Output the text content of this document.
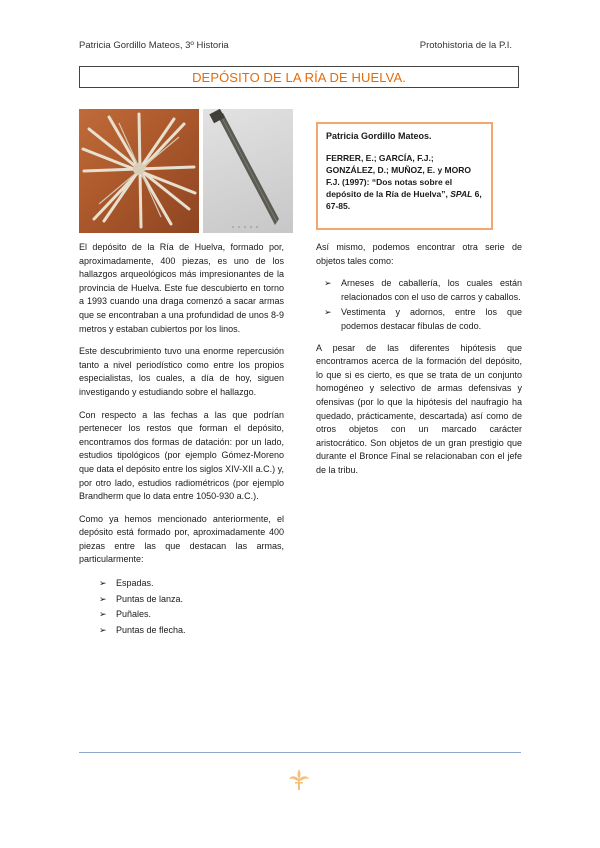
Patricia Gordillo Mateos, 3º Historia	Protohistoria de la P.I.
DEPÓSITO DE LA RÍA DE HUELVA.
Patricia Gordillo Mateos.
FERRER, E.; GARCÍA, F.J.; GONZÁLEZ, D.; MUÑOZ, E. y MORO F.J. (1997): “Dos notas sobre el depósito de la Ría de Huelva”, SPAL 6, 67-85.

El depósito de la Ría de Huelva, formado por, aproximadamente, 400 piezas, es uno de los hallazgos arqueológicos más impresionantes de la provincia de Huelva. Este fue descubierto en torno a 1993 cuando una draga comenzó a sacar armas que se encontraban a una profundidad de unos 8-9 metros y estaban cubiertos por los linos.

Este descubrimiento tuvo una enorme repercusión tanto a nivel periodístico como entre los propios especialistas, los cuales, a día de hoy, siguen investigando y estudiando sobre el hallazgo.

Con respecto a las fechas a las que podrían pertenecer los restos que forman el depósito, encontramos dos formas de datación: por un lado, estudios tipológicos (por ejemplo Gómez-Moreno que data el depósito entre los siglos XIV-XII a.C.) y, por otro lado, estudios radiométricos (por ejemplo Brandherm que lo data entre 1050-930 a.C.).

Como ya hemos mencionado anteriormente, el depósito está formado por, aproximadamente 400 piezas entre las que destacan las armas, particularmente:

➢ Espadas.
➢ Puntas de lanza.
➢ Puñales.
➢ Puntas de flecha.

Así mismo, podemos encontrar otra serie de objetos tales como:

➢ Arneses de caballería, los cuales están relacionados con el uso de carros y caballos.
➢ Vestimenta y adornos, entre los que podemos destacar fíbulas de codo.

A pesar de las diferentes hipótesis que encontramos acerca de la formación del depósito, lo que si es cierto, es que se trata de un conjunto homogéneo y selectivo de armas defensivas y ofensivas (por lo que la hipótesis del naufragio ha quedado, prácticamente, descartada) así como de otros objetos con un marcado carácter aristocrático. Son objetos de un gran prestigio que durante el Bronce Final se relacionaban con el jefe de la tribu.
